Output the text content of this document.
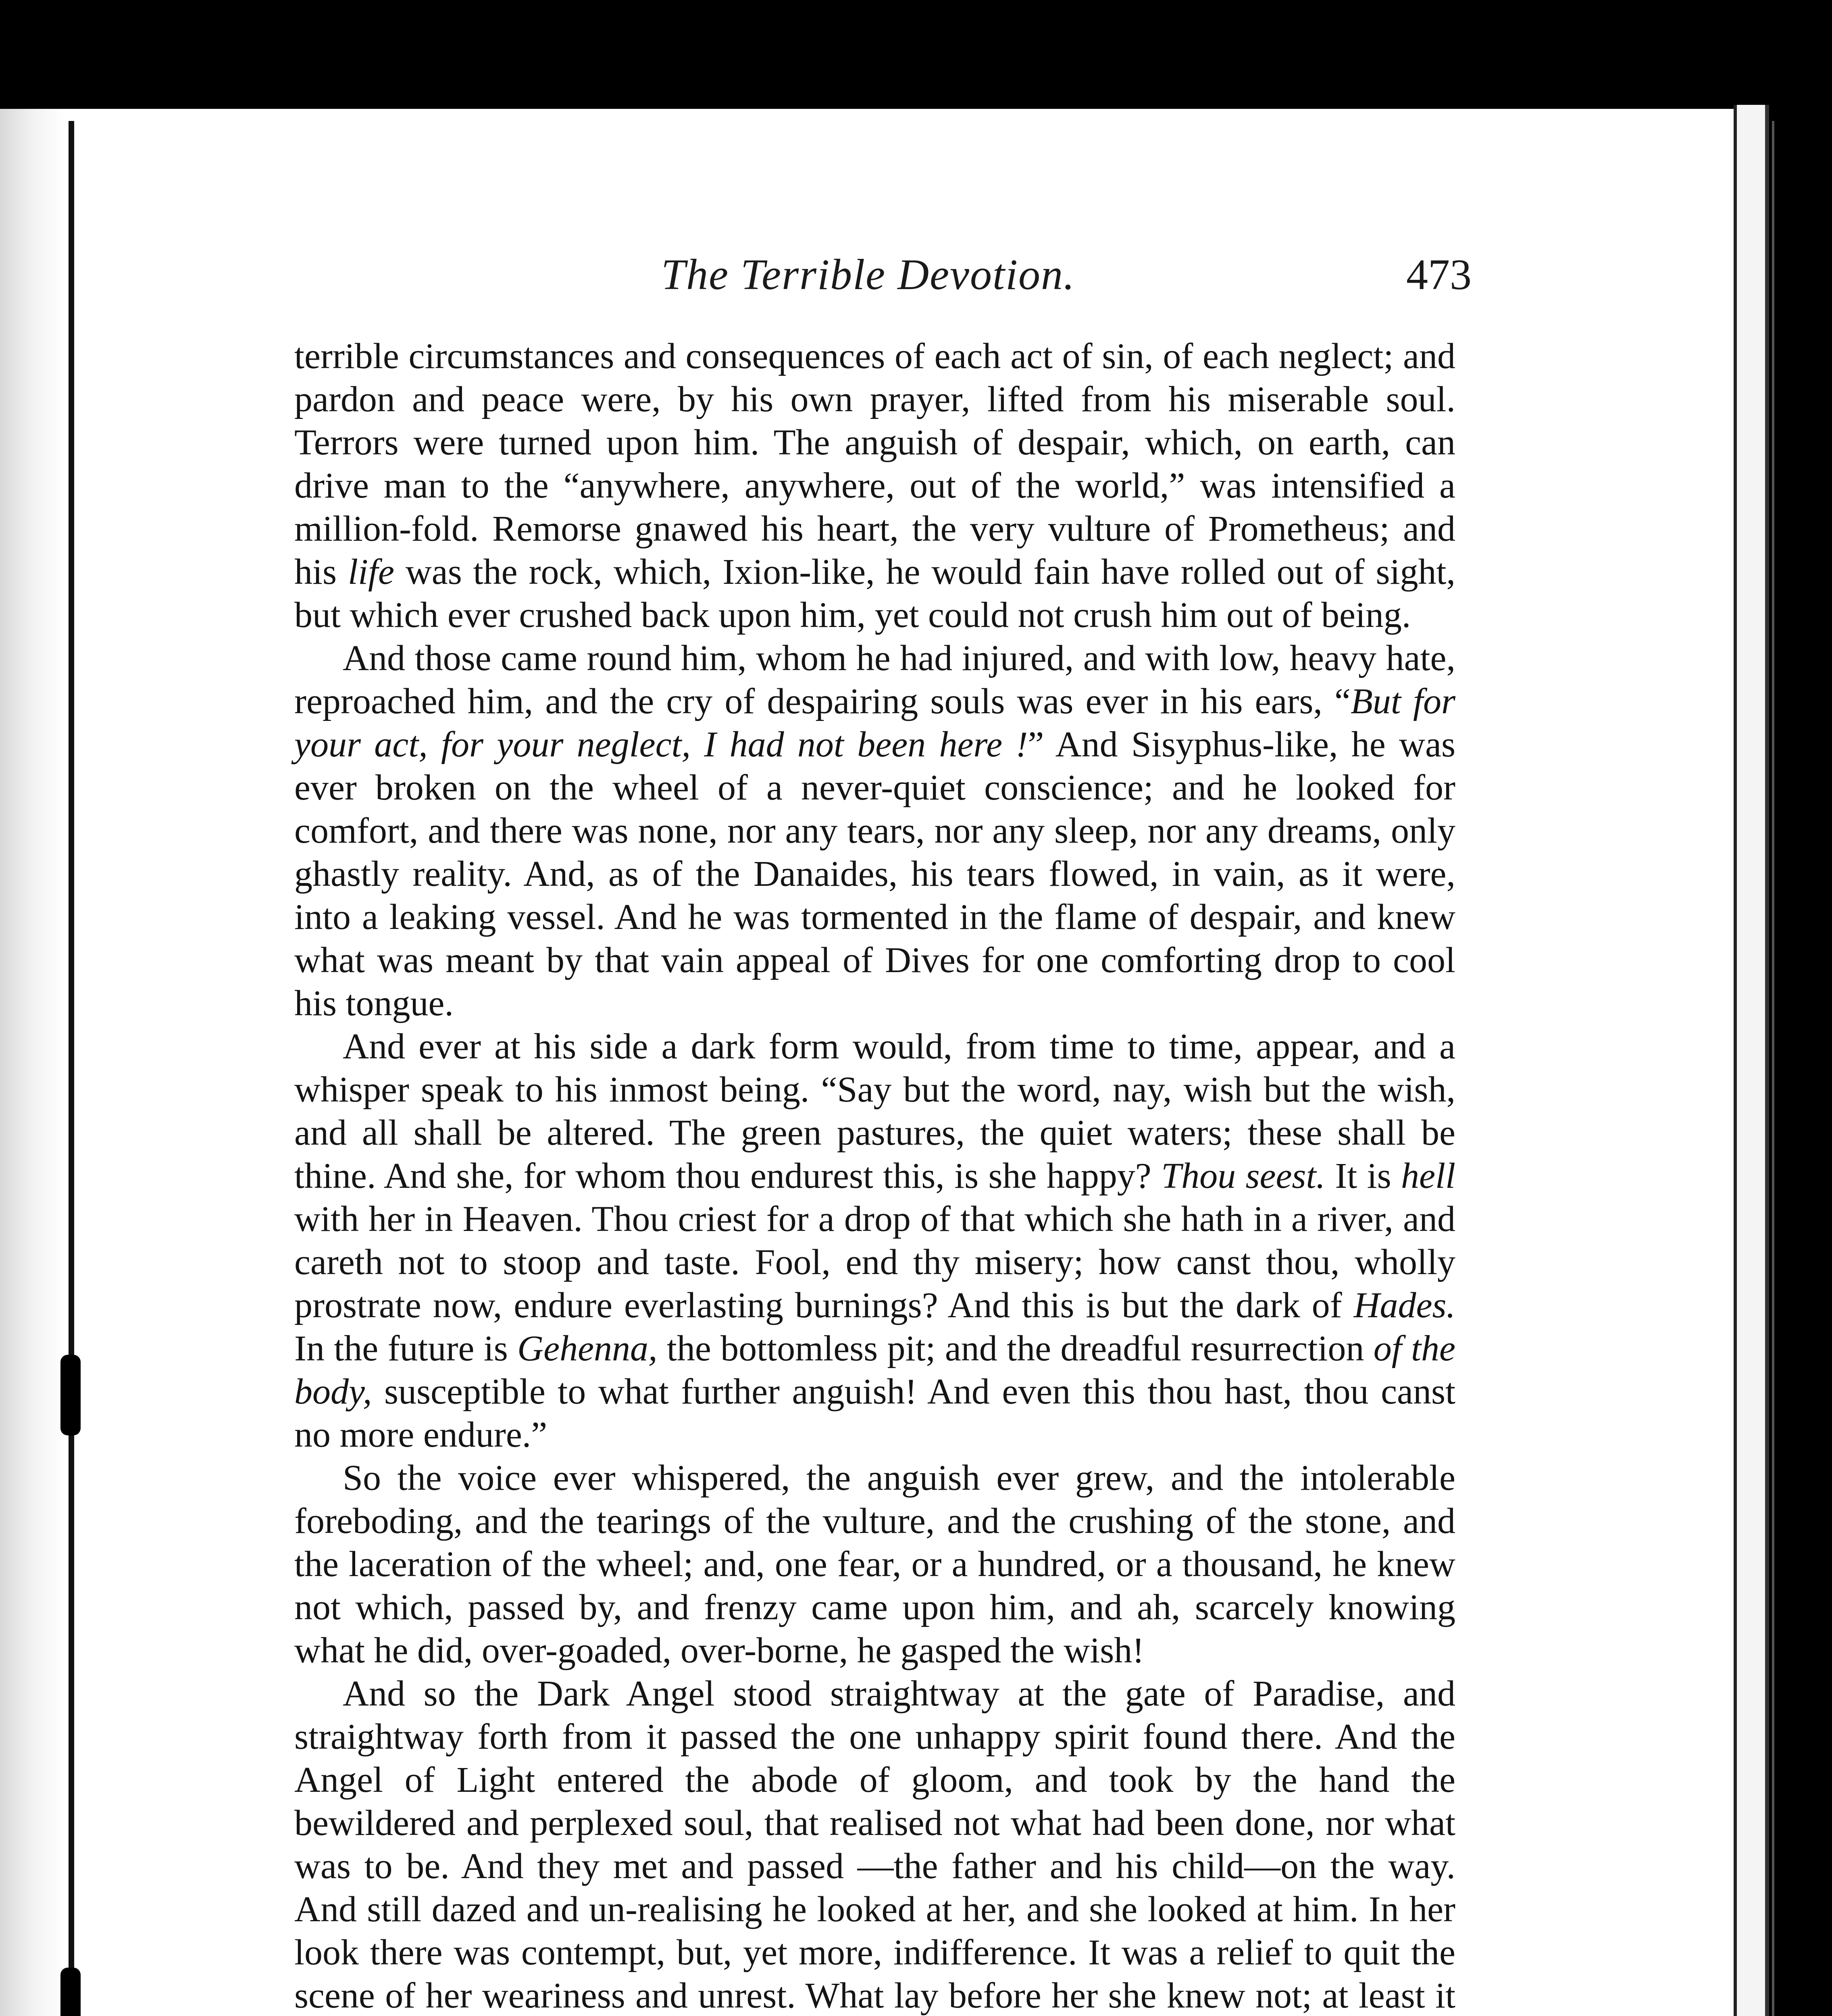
The Terrible Devotion.	473

terrible circumstances and consequences of each act of sin, of each neglect; and pardon and peace were, by his own prayer, lifted from his miserable soul. Terrors were turned upon him. The anguish of despair, which, on earth, can drive man to the “anywhere, anywhere, out of the world,” was intensified a million-fold. Remorse gnawed his heart, the very vulture of Prometheus; and his life was the rock, which, Ixion-like, he would fain have rolled out of sight, but which ever crushed back upon him, yet could not crush him out of being.

And those came round him, whom he had injured, and with low, heavy hate, reproached him, and the cry of despairing souls was ever in his ears, “But for your act, for your neglect, I had not been here !” And Sisyphus-like, he was ever broken on the wheel of a never-quiet conscience; and he looked for comfort, and there was none, nor any tears, nor any sleep, nor any dreams, only ghastly reality. And, as of the Danaides, his tears flowed, in vain, as it were, into a leaking vessel. And he was tormented in the flame of despair, and knew what was meant by that vain appeal of Dives for one comforting drop to cool his tongue.

And ever at his side a dark form would, from time to time, appear, and a whisper speak to his inmost being. “Say but the word, nay, wish but the wish, and all shall be altered. The green pastures, the quiet waters; these shall be thine. And she, for whom thou endurest this, is she happy? Thou seest. It is hell with her in Heaven. Thou criest for a drop of that which she hath in a river, and careth not to stoop and taste. Fool, end thy misery; how canst thou, wholly prostrate now, endure everlasting burnings? And this is but the dark of Hades. In the future is Gehenna, the bottomless pit; and the dreadful resurrection of the body, susceptible to what further anguish! And even this thou hast, thou canst no more endure.”

So the voice ever whispered, the anguish ever grew, and the intolerable foreboding, and the tearings of the vulture, and the crushing of the stone, and the laceration of the wheel; and, one fear, or a hundred, or a thousand, he knew not which, passed by, and frenzy came upon him, and ah, scarcely knowing what he did, over-goaded, over-borne, he gasped the wish!

And so the Dark Angel stood straightway at the gate of Paradise, and straightway forth from it passed the one unhappy spirit found there. And the Angel of Light entered the abode of gloom, and took by the hand the bewildered and perplexed soul, that realised not what had been done, nor what was to be. And they met and passed —the father and his child—on the way. And still dazed and un-realising he looked at her, and she looked at him. In her look there was contempt, but, yet more, indifference. It was a relief to quit the scene of her weariness and unrest. What lay before her she knew not; at least it
